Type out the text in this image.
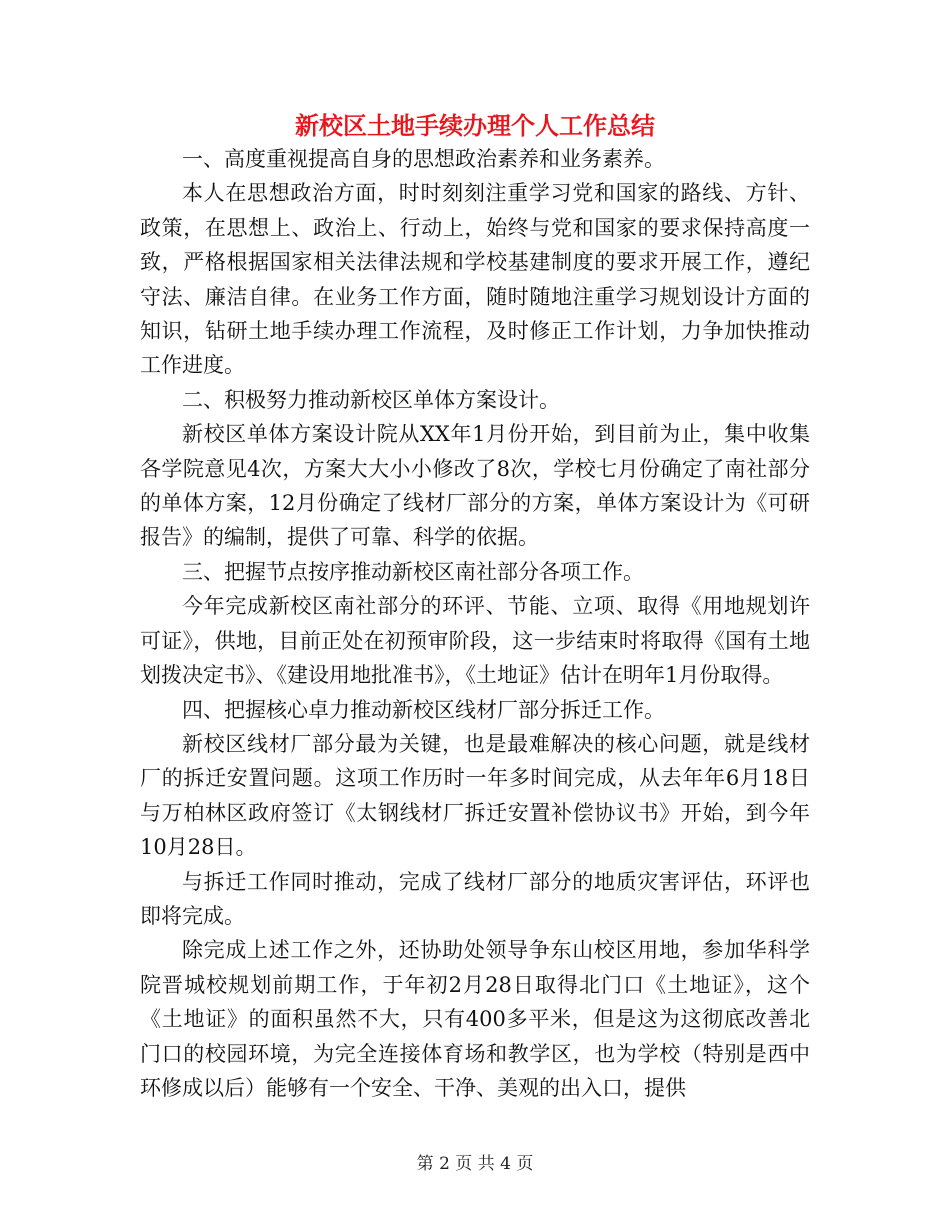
新校区土地手续办理个人工作总结

一、高度重视提高自身的思想政治素养和业务素养。

本人在思想政治方面，时时刻刻注重学习党和国家的路线、方针、政策，在思想上、政治上、行动上，始终与党和国家的要求保持高度一致，严格根据国家相关法律法规和学校基建制度的要求开展工作，遵纪守法、廉洁自律。在业务工作方面，随时随地注重学习规划设计方面的知识，钻研土地手续办理工作流程，及时修正工作计划，力争加快推动工作进度。

二、积极努力推动新校区单体方案设计。

新校区单体方案设计院从XX年1月份开始，到目前为止，集中收集各学院意见4次，方案大大小小修改了8次，学校七月份确定了南社部分的单体方案，12月份确定了线材厂部分的方案，单体方案设计为《可研报告》的编制，提供了可靠、科学的依据。

三、把握节点按序推动新校区南社部分各项工作。

今年完成新校区南社部分的环评、节能、立项、取得《用地规划许可证》，供地，目前正处在初预审阶段，这一步结束时将取得《国有土地划拨决定书》、《建设用地批准书》，《土地证》估计在明年1月份取得。

四、把握核心卓力推动新校区线材厂部分拆迁工作。

新校区线材厂部分最为关键，也是最难解决的核心问题，就是线材厂的拆迁安置问题。这项工作历时一年多时间完成，从去年年6月18日与万柏林区政府签订《太钢线材厂拆迁安置补偿协议书》开始，到今年10月28日。

与拆迁工作同时推动，完成了线材厂部分的地质灾害评估，环评也即将完成。

除完成上述工作之外，还协助处领导争东山校区用地，参加华科学院晋城校规划前期工作，于年初2月28日取得北门口《土地证》，这个《土地证》的面积虽然不大，只有400多平米，但是这为这彻底改善北门口的校园环境，为完全连接体育场和教学区，也为学校（特别是西中环修成以后）能够有一个安全、干净、美观的出入口，提供

第 2 页 共 4 页
